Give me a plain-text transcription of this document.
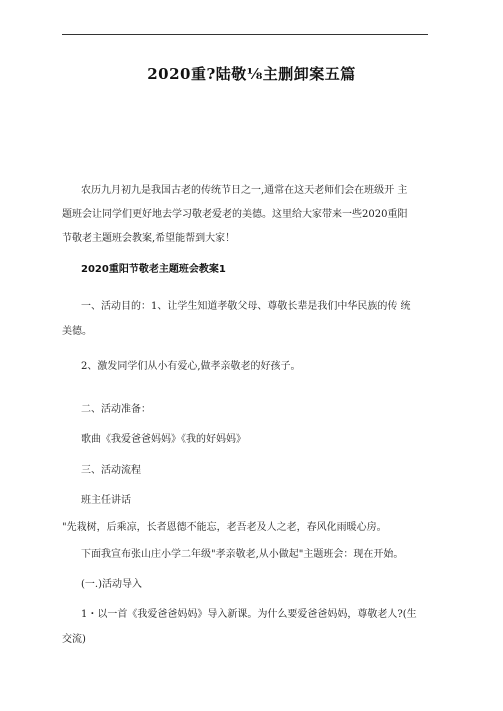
2020重?陆敬⅛主删卸案五篇
农历九月初九是我国古老的传统节日之一,通常在这天老师们会在班级开 主
题班会让同学们更好地去学习敬老爱老的美德。这里给大家带来一些2020重阳
节敬老主题班会教案,希望能帮到大家！
2020重阳节敬老主题班会教案1
一、活动目的：1、让学生知道孝敬父母、尊敬长辈是我们中华民族的传 统
美德。
2、激发同学们从小有爱心,做孝亲敬老的好孩子。
二、活动准备：
歌曲《我爱爸爸妈妈》《我的好妈妈》
三、活动流程
班主任讲话
"先栽树，后乘凉，长者恩德不能忘，老吾老及人之老，春风化雨暖心房。
下面我宣布张山庄小学二年级"孝亲敬老,从小做起"主题班会：现在开始。
(一.)活动导入
1・以一首《我爱爸爸妈妈》导入新课。为什么要爱爸爸妈妈，尊敬老人?(生
交流)
